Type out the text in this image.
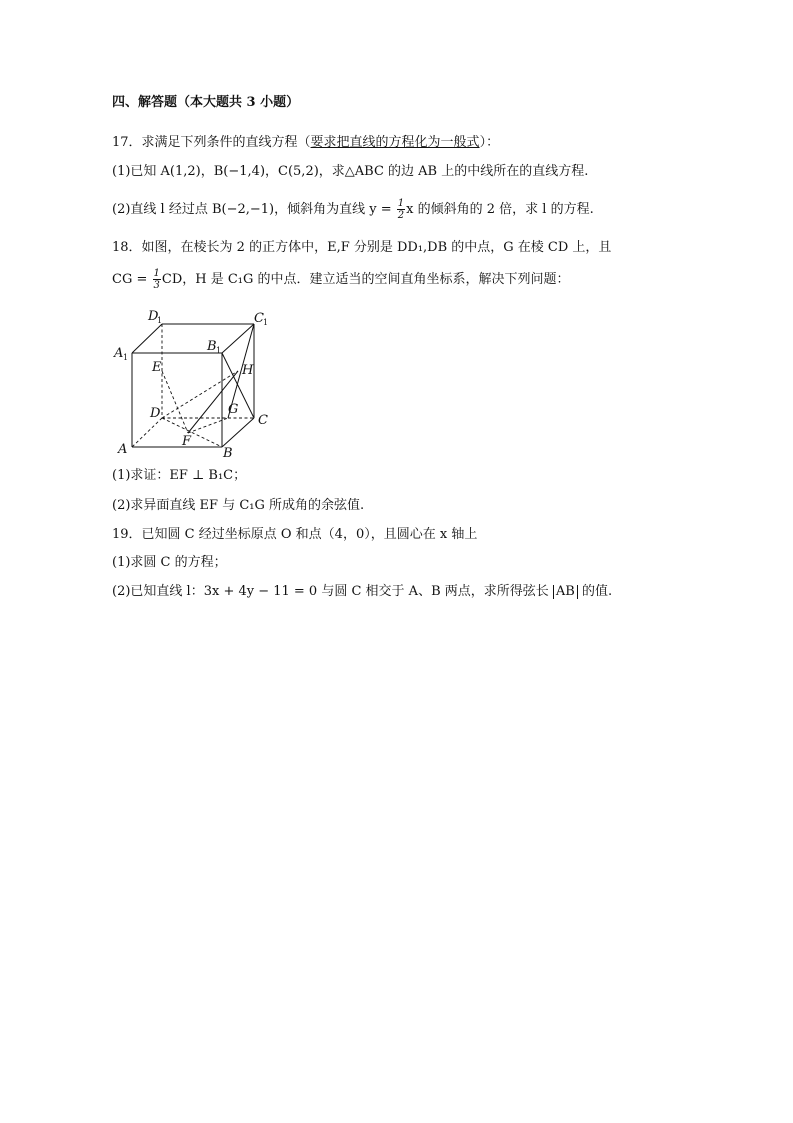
四、解答题（本大题共 3 小题）
17．求满足下列条件的直线方程（要求把直线的方程化为一般式）：
(1)已知 A(1,2)，B(−1,4)，C(5,2)，求△ABC 的边 AB 上的中线所在的直线方程.
(2)直线 l 经过点 B(−2,−1)，倾斜角为直线 $y = \frac{1}{2}$ x 的倾斜角的 2 倍，求 l 的方程.
18．如图，在棱长为 2 的正方体中，E,F 分别是 DD₁,DB 的中点，G 在棱 CD 上，且
CG = $\frac{1}{3}$ CD，H 是 C₁G 的中点．建立适当的空间直角坐标系，解决下列问题：
D
1	C 1
A 1
B 1
E	H
D	G
C
A
F
B
(1)求证：EF ⊥ B₁C；
(2)求异面直线 EF 与 C₁G 所成角的余弦值.
19．已知圆 C 经过坐标原点 O 和点（4，0），且圆心在 x 轴上
(1)求圆 C 的方程；
(2)已知直线 l：3x + 4y − 11 = 0 与圆 C 相交于 A、B 两点，求所得弦长 AB 的值.
